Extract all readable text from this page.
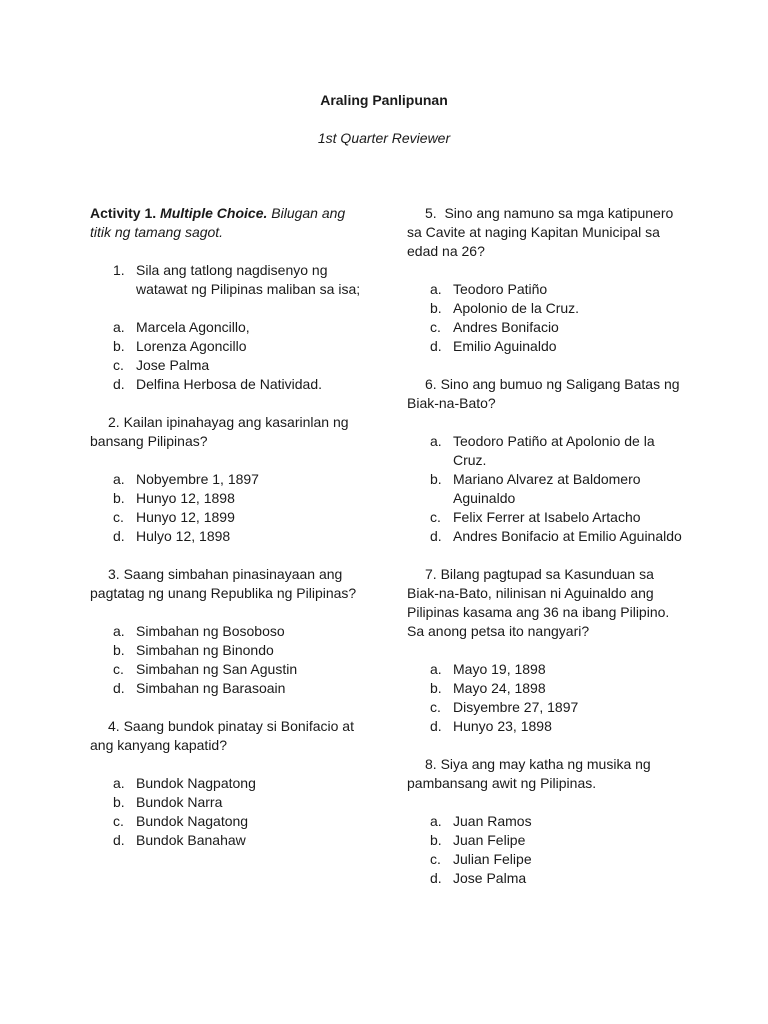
Araling Panlipunan
1st Quarter Reviewer

Activity 1. Multiple Choice. Bilugan ang titik ng tamang sagot.

1. Sila ang tatlong nagdisenyo ng watawat ng Pilipinas maliban sa isa;
a. Marcela Agoncillo,
b. Lorenza Agoncillo
c. Jose Palma
d. Delfina Herbosa de Natividad.

2. Kailan ipinahayag ang kasarinlan ng bansang Pilipinas?

a. Nobyembre 1, 1897
b. Hunyo 12, 1898
c. Hunyo 12, 1899
d. Hulyo 12, 1898

3. Saang simbahan pinasinayaan ang pagtatag ng unang Republika ng Pilipinas?

a. Simbahan ng Bosoboso
b. Simbahan ng Binondo
c. Simbahan ng San Agustin
d. Simbahan ng Barasoain

4. Saang bundok pinatay si Bonifacio at ang kanyang kapatid?

a. Bundok Nagpatong
b. Bundok Narra
c. Bundok Nagatong
d. Bundok Banahaw

5. Sino ang namuno sa mga katipunero sa Cavite at naging Kapitan Municipal sa edad na 26?

a. Teodoro Patiño
b. Apolonio de la Cruz.
c. Andres Bonifacio
d. Emilio Aguinaldo

6. Sino ang bumuo ng Saligang Batas ng Biak-na-Bato?

a. Teodoro Patiño at Apolonio de la Cruz.
b. Mariano Alvarez at Baldomero Aguinaldo
c. Felix Ferrer at Isabelo Artacho
d. Andres Bonifacio at Emilio Aguinaldo

7. Bilang pagtupad sa Kasunduan sa Biak-na-Bato, nilinisan ni Aguinaldo ang Pilipinas kasama ang 36 na ibang Pilipino. Sa anong petsa ito nangyari?

a. Mayo 19, 1898
b. Mayo 24, 1898
c. Disyembre 27, 1897
d. Hunyo 23, 1898

8. Siya ang may katha ng musika ng pambansang awit ng Pilipinas.

a. Juan Ramos
b. Juan Felipe
c. Julian Felipe
d. Jose Palma
